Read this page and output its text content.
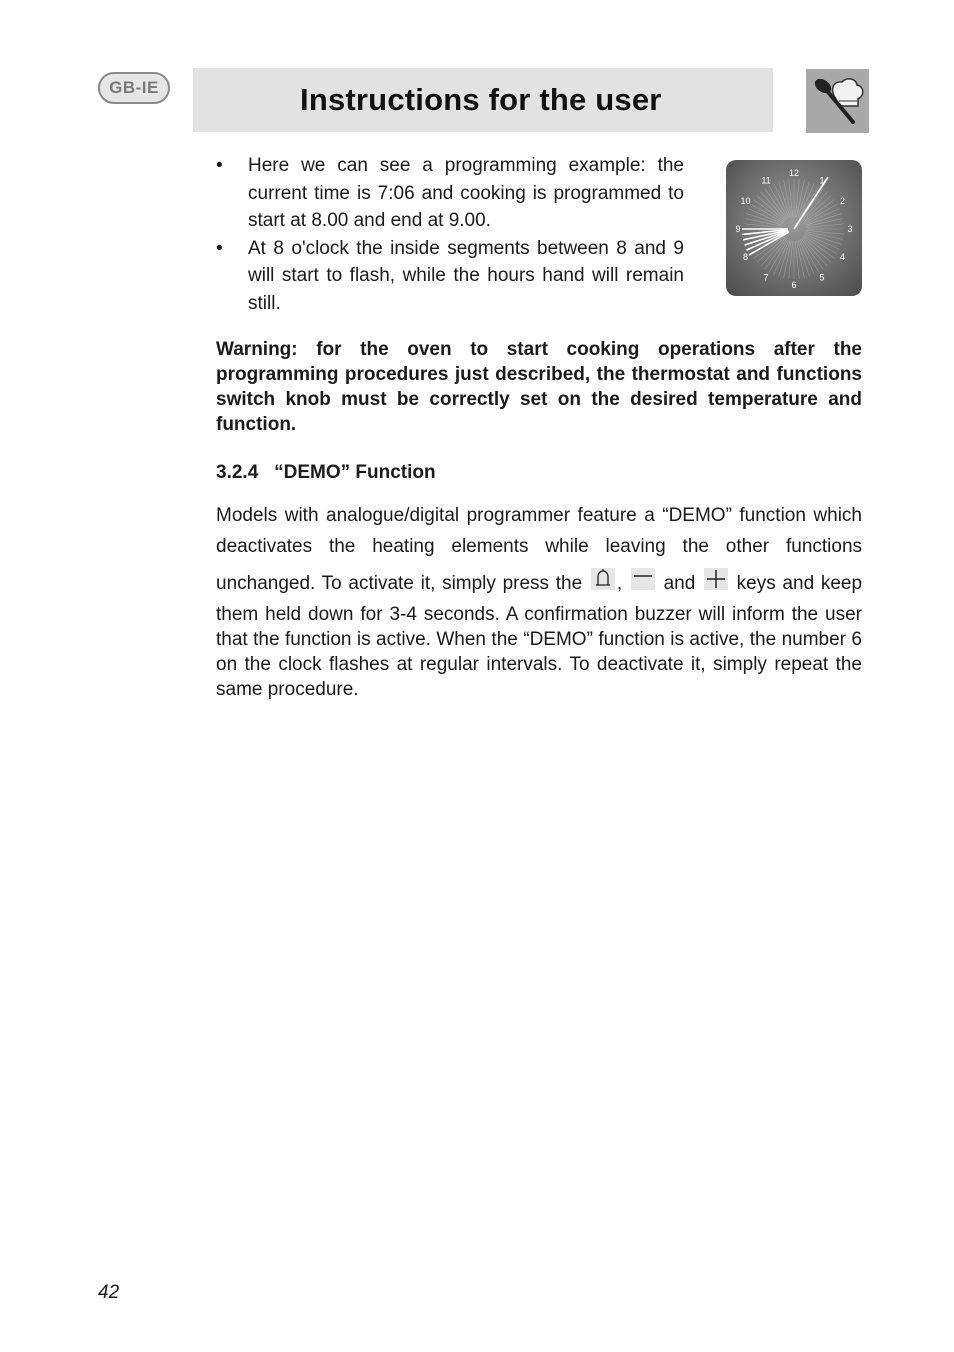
GB-IE	Instructions for the user
• Here we can see a programming example: the current time is 7:06 and cooking is programmed to start at 8.00 and end at 9.00.
• At 8 o'clock the inside segments between 8 and 9 will start to flash, while the hours hand will remain still.
12
1
2
3
4
5
6
7
8
9
10
11

Warning: for the oven to start cooking operations after the programming procedures just described, the thermostat and functions switch knob must be correctly set on the desired temperature and function.

3.2.4 “DEMO” Function

Models with analogue/digital programmer feature a “DEMO” function which deactivates the heating elements while leaving the other functions unchanged. To activate it, simply press the , and keys and keep them held down for 3-4 seconds. A confirmation buzzer will inform the user that the function is active. When the “DEMO” function is active, the number 6 on the clock flashes at regular intervals. To deactivate it, simply repeat the same procedure.

42
